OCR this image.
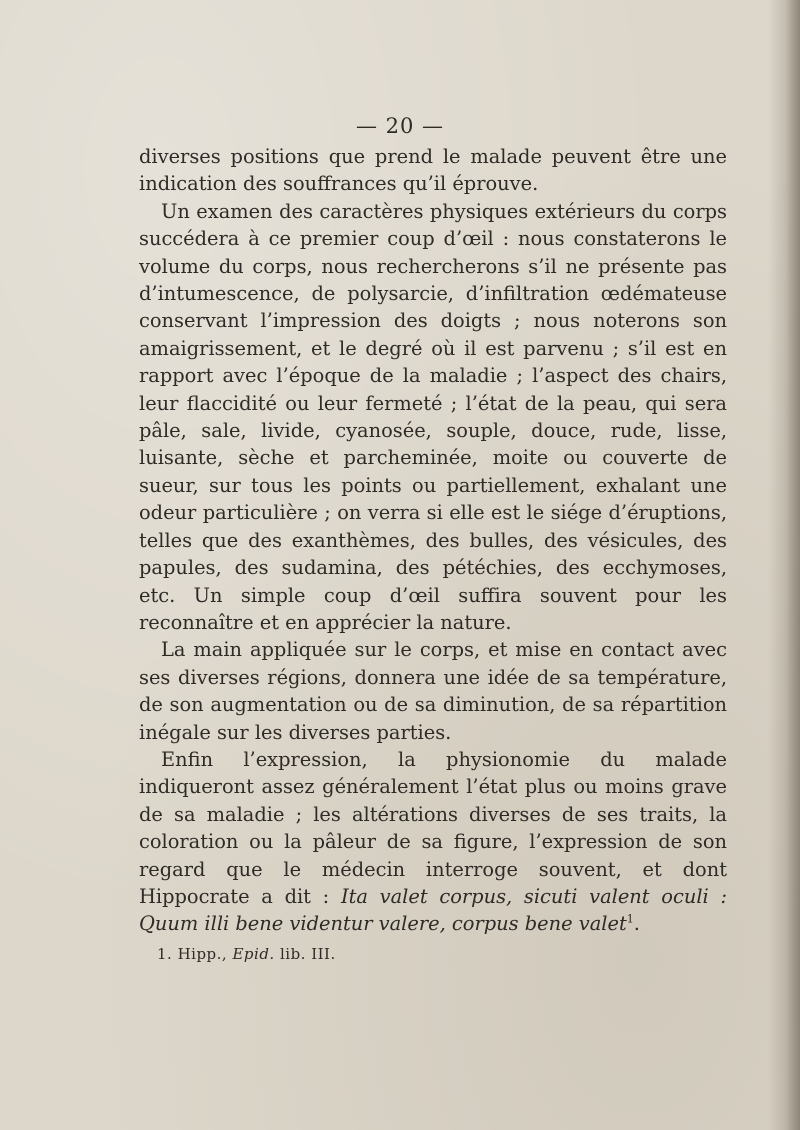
— 20 —

diverses positions que prend le malade peuvent être une indication des souffrances qu’il éprouve.

Un examen des caractères physiques extérieurs du corps succédera à ce premier coup d’œil : nous constaterons le volume du corps, nous rechercherons s’il ne présente pas d’intumescence, de polysarcie, d’infiltration œdémateuse conservant l’impression des doigts ; nous noterons son amaigrissement, et le degré où il est parvenu ; s’il est en rapport avec l’époque de la maladie ; l’aspect des chairs, leur flaccidité ou leur fermeté ; l’état de la peau, qui sera pâle, sale, livide, cyanosée, souple, douce, rude, lisse, luisante, sèche et parcheminée, moite ou couverte de sueur, sur tous les points ou partiellement, exhalant une odeur particulière ; on verra si elle est le siége d’éruptions, telles que des exanthèmes, des bulles, des vésicules, des papules, des sudamina, des pétéchies, des ecchymoses, etc. Un simple coup d’œil suffira souvent pour les reconnaître et en apprécier la nature.

La main appliquée sur le corps, et mise en contact avec ses diverses régions, donnera une idée de sa température, de son augmentation ou de sa diminution, de sa répartition inégale sur les diverses parties.

Enfin l’expression, la physionomie du malade indiqueront assez généralement l’état plus ou moins grave de sa maladie ; les altérations diverses de ses traits, la coloration ou la pâleur de sa figure, l’expression de son regard que le médecin interroge souvent, et dont Hippocrate a dit : Ita valet corpus, sicuti valent oculi : Quum illi bene videntur valere, corpus bene valet$^1$.

1. Hipp., Epid. lib. III.
